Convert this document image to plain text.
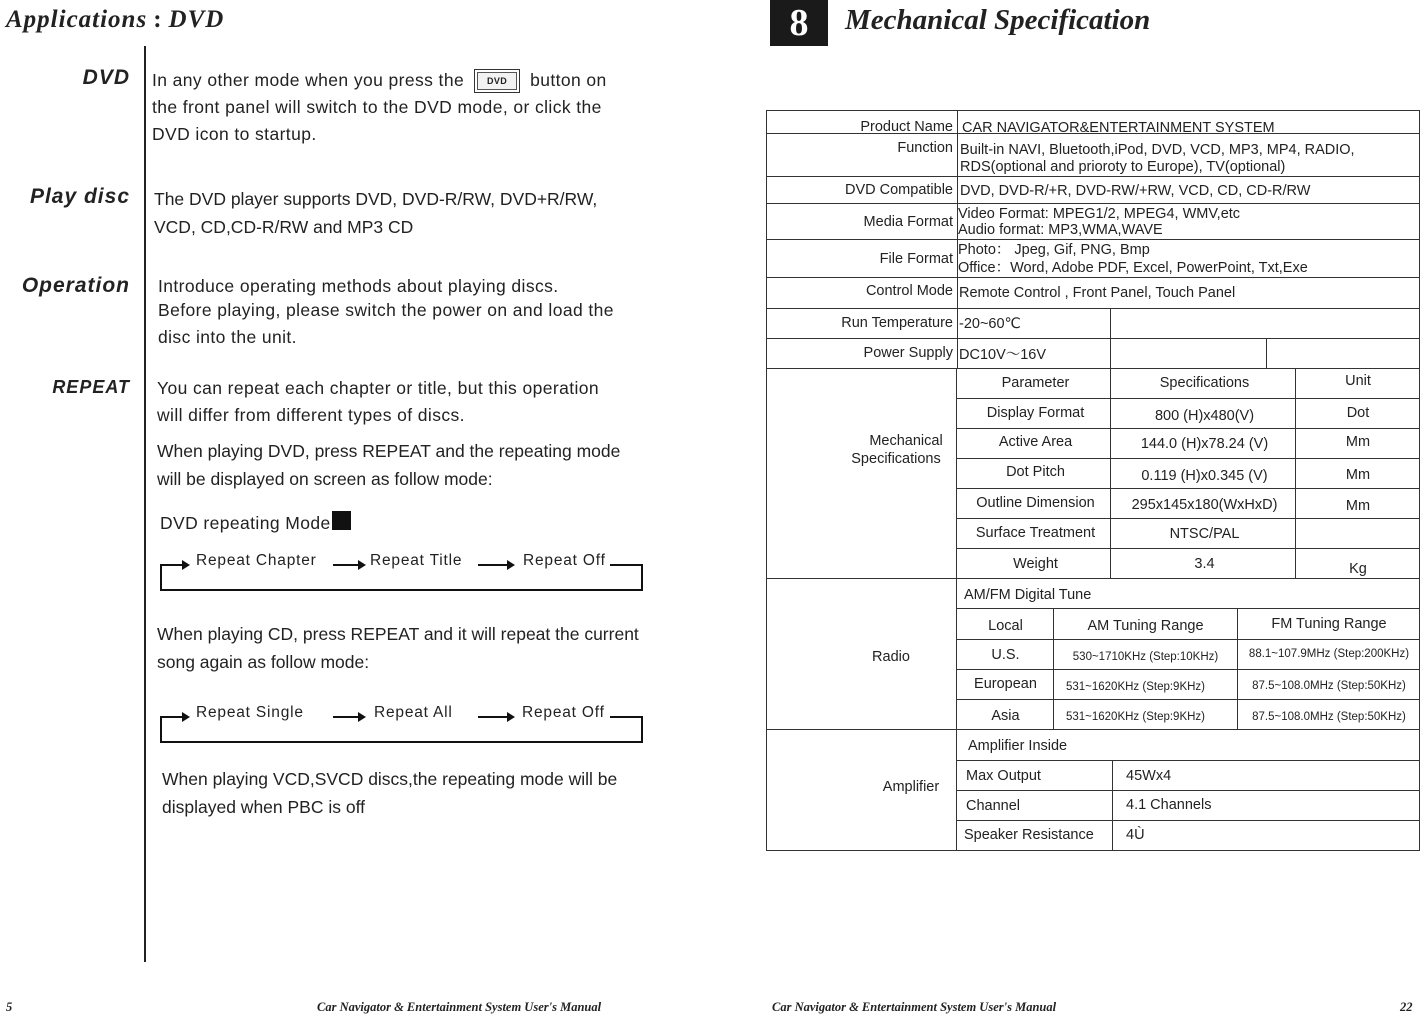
Applications : DVD
DVD In any other mode when you press the	DVD button on
the front panel will switch to the DVD mode, or click the
DVD icon to startup.
Play disc The DVD player supports DVD, DVD-R/RW, DVD+R/RW,
VCD, CD,CD-R/RW and MP3 CD
Operation Introduce operating methods about playing discs.
Before playing, please switch the power on and load the
disc into the unit.
REPEAT You can repeat each chapter or title, but this operation
will differ from different types of discs.
When playing DVD, press REPEAT and the repeating mode
will be displayed on screen as follow mode:
DVD repeating Mode
Repeat Chapter	Repeat Title	Repeat Off
When playing CD, press REPEAT and it will repeat the current
song again as follow mode:
Repeat Single	Repeat All	Repeat Off
When playing VCD,SVCD discs,the repeating mode will be
displayed when PBC is off
5	Car Navigator & Entertainment System User's Manual
8	Mechanical Specification
Product Name CAR NAVIGATOR&ENTERTAINMENT SYSTEM
Function Built-in NAVI, Bluetooth,iPod, DVD, VCD, MP3, MP4, RADIO,
RDS(optional and prioroty to Europe), TV(optional)
DVD Compatible DVD, DVD-R/+R, DVD-RW/+RW, VCD, CD, CD-R/RW
Media Format Video Format: MPEG1/2, MPEG4, WMV,etc
Audio format: MP3,WMA,WAVE
File Format
Photo： Jpeg, Gif, PNG, Bmp
Office：Word, Adobe PDF, Excel, PowerPoint, Txt,Exe
Control Mode Remote Control , Front Panel, Touch Panel
Run Temperature -20~60℃
Power Supply DC10V～16V
Mechanical
Specifications
Parameter	Specifications	Unit
Display Format	800 (H)x480(V)	Dot
Active Area	144.0 (H)x78.24 (V)	Mm
Dot Pitch	0.119 (H)x0.345 (V)	Mm
Outline Dimension	295x145x180(WxHxD)	Mm
Surface Treatment	NTSC/PAL
Weight	3.4	Kg
Radio
AM/FM Digital Tune
Local	AM Tuning Range	FM Tuning Range
U.S.	530~1710KHz (Step:10KHz)	88.1~107.9MHz (Step:200KHz)
European	531~1620KHz (Step:9KHz)	87.5~108.0MHz (Step:50KHz)
Asia	531~1620KHz (Step:9KHz)	87.5~108.0MHz (Step:50KHz)
Amplifier
Amplifier Inside
Max Output	45Wx4
Channel	4.1 Channels
Speaker Resistance 4Ù
Car Navigator & Entertainment System User's Manual	22
